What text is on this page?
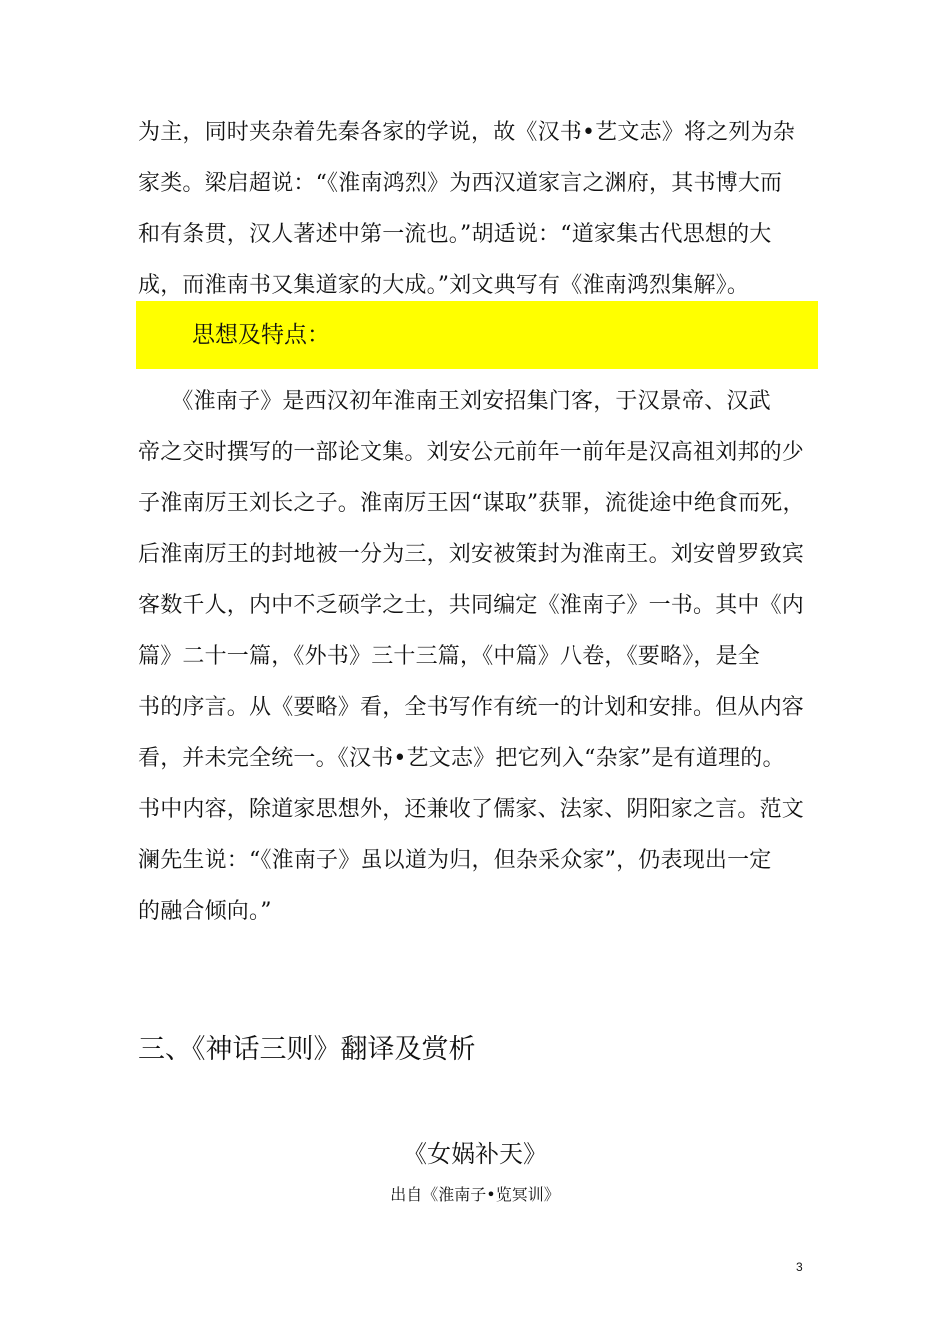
为主，同时夹杂着先秦各家的学说，故《汉书•艺文志》将之列为杂
家类。梁启超说：“《淮南鸿烈》为西汉道家言之渊府，其书博大而
和有条贯，汉人著述中第一流也。”胡适说：“道家集古代思想的大
成，而淮南书又集道家的大成。”刘文典写有《淮南鸿烈集解》。
思想及特点：
　　《淮南子》是西汉初年淮南王刘安招集门客，于汉景帝、汉武
帝之交时撰写的一部论文集。刘安公元前年一前年是汉高祖刘邦的少
子淮南厉王刘长之子。淮南厉王因“谋取”获罪，流徙途中绝食而死，
后淮南厉王的封地被一分为三，刘安被策封为淮南王。刘安曾罗致宾
客数千人，内中不乏硕学之士，共同编定《淮南子》一书。其中《内
篇》二十一篇，《外书》三十三篇，《中篇》八卷，《要略》，是全
书的序言。从《要略》看，全书写作有统一的计划和安排。但从内容
看，并未完全统一。《汉书•艺文志》把它列入“杂家”是有道理的。
书中内容，除道家思想外，还兼收了儒家、法家、阴阳家之言。范文
澜先生说：“《淮南子》虽以道为归，但杂采众家”，仍表现出一定
的融合倾向。”
三、《神话三则》翻译及赏析
《女娲补天》
出自《淮南子•览冥训》
3
